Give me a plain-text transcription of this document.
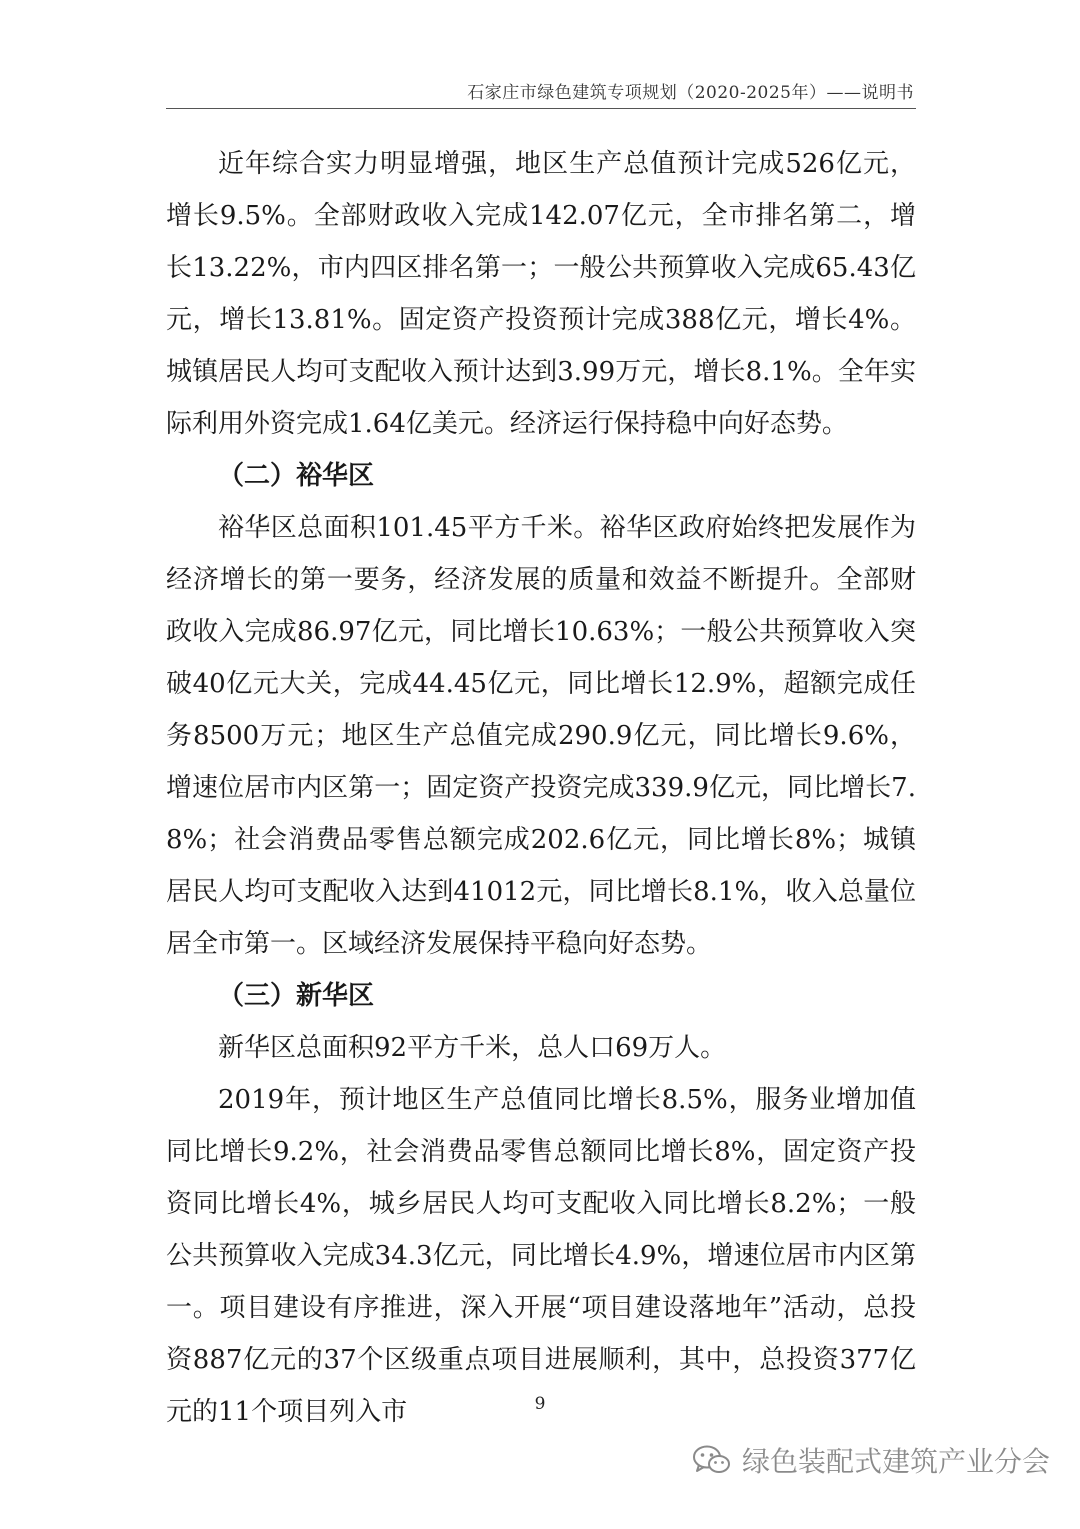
石家庄市绿色建筑专项规划（2020-2025年）——说明书

近年综合实力明显增强，地区生产总值预计完成526亿元，增长9.5%。全部财政收入完成142.07亿元，全市排名第二，增长13.22%，市内四区排名第一；一般公共预算收入完成65.43亿元，增长13.81%。固定资产投资预计完成388亿元，增长4%。城镇居民人均可支配收入预计达到3.99万元，增长8.1%。全年实际利用外资完成1.64亿美元。经济运行保持稳中向好态势。

（二）裕华区

裕华区总面积101.45平方千米。裕华区政府始终把发展作为经济增长的第一要务，经济发展的质量和效益不断提升。全部财政收入完成86.97亿元，同比增长10.63%；一般公共预算收入突破40亿元大关，完成44.45亿元，同比增长12.9%，超额完成任务8500万元；地区生产总值完成290.9亿元，同比增长9.6%，增速位居市内区第一；固定资产投资完成339.9亿元，同比增长7.8%；社会消费品零售总额完成202.6亿元，同比增长8%；城镇居民人均可支配收入达到41012元，同比增长8.1%，收入总量位居全市第一。区域经济发展保持平稳向好态势。

（三）新华区

新华区总面积92平方千米，总人口69万人。

2019年，预计地区生产总值同比增长8.5%，服务业增加值同比增长9.2%，社会消费品零售总额同比增长8%，固定资产投资同比增长4%，城乡居民人均可支配收入同比增长8.2%；一般公共预算收入完成34.3亿元，同比增长4.9%，增速位居市内区第一。项目建设有序推进，深入开展“项目建设落地年”活动，总投资887亿元的37个区级重点项目进展顺利，其中，总投资377亿元的11个项目列入市	9
绿色装配式建筑产业分会
